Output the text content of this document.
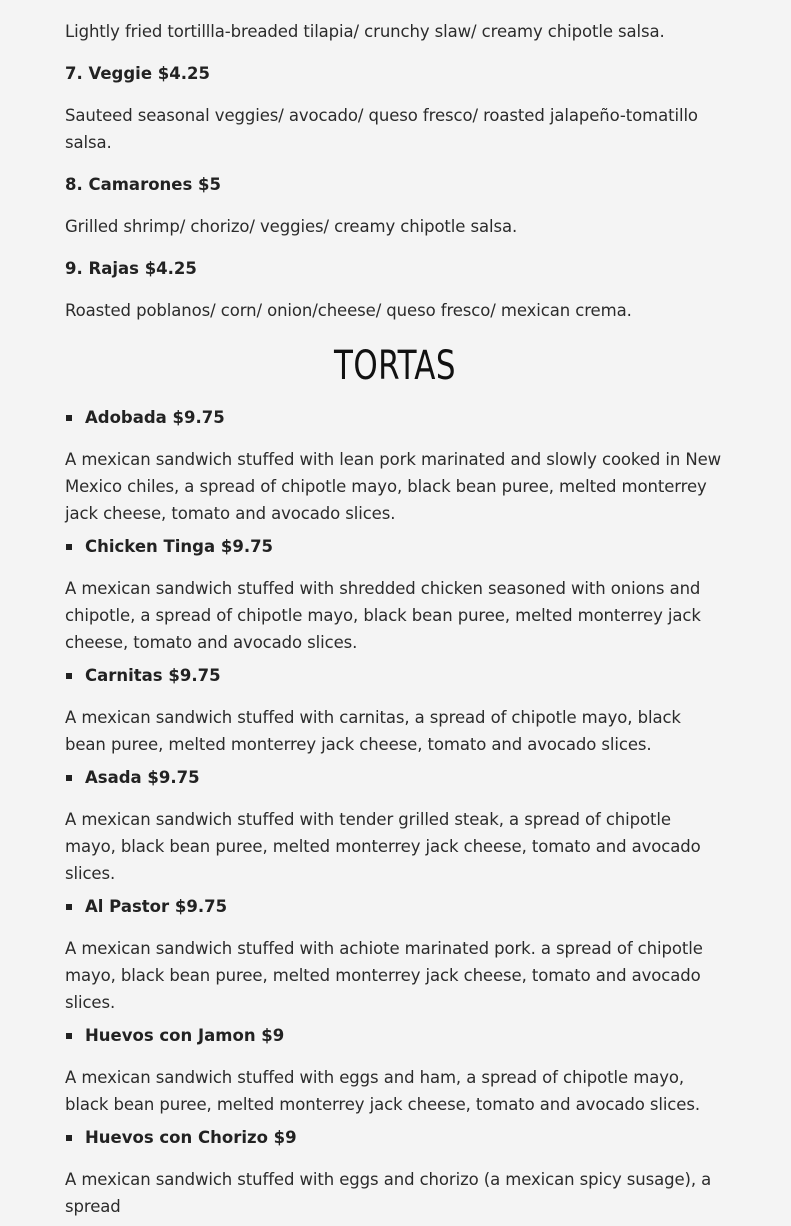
Lightly fried tortillla-breaded tilapia/ crunchy slaw/ creamy chipotle salsa.

7. Veggie $4.25

Sauteed seasonal veggies/ avocado/ queso fresco/ roasted jalapeño-tomatillo salsa.

8. Camarones $5

Grilled shrimp/ chorizo/ veggies/ creamy chipotle salsa.

9. Rajas $4.25

Roasted poblanos/ corn/ onion/cheese/ queso fresco/ mexican crema.

TORTAS
Adobada $9.75

A mexican sandwich stuffed with lean pork marinated and slowly cooked in New Mexico chiles, a spread of chipotle mayo, black bean puree, melted monterrey jack cheese, tomato and avocado slices.

Chicken Tinga $9.75

A mexican sandwich stuffed with shredded chicken seasoned with onions and chipotle, a spread of chipotle mayo, black bean puree, melted monterrey jack cheese, tomato and avocado slices.

Carnitas $9.75

A mexican sandwich stuffed with carnitas, a spread of chipotle mayo, black bean puree, melted monterrey jack cheese, tomato and avocado slices.

Asada $9.75

A mexican sandwich stuffed with tender grilled steak, a spread of chipotle mayo, black bean puree, melted monterrey jack cheese, tomato and avocado slices.

Al Pastor $9.75

A mexican sandwich stuffed with achiote marinated pork. a spread of chipotle mayo, black bean puree, melted monterrey jack cheese, tomato and avocado slices.

Huevos con Jamon $9

A mexican sandwich stuffed with eggs and ham, a spread of chipotle mayo, black bean puree, melted monterrey jack cheese, tomato and avocado slices.

Huevos con Chorizo $9

A mexican sandwich stuffed with eggs and chorizo (a mexican spicy susage), a spread
